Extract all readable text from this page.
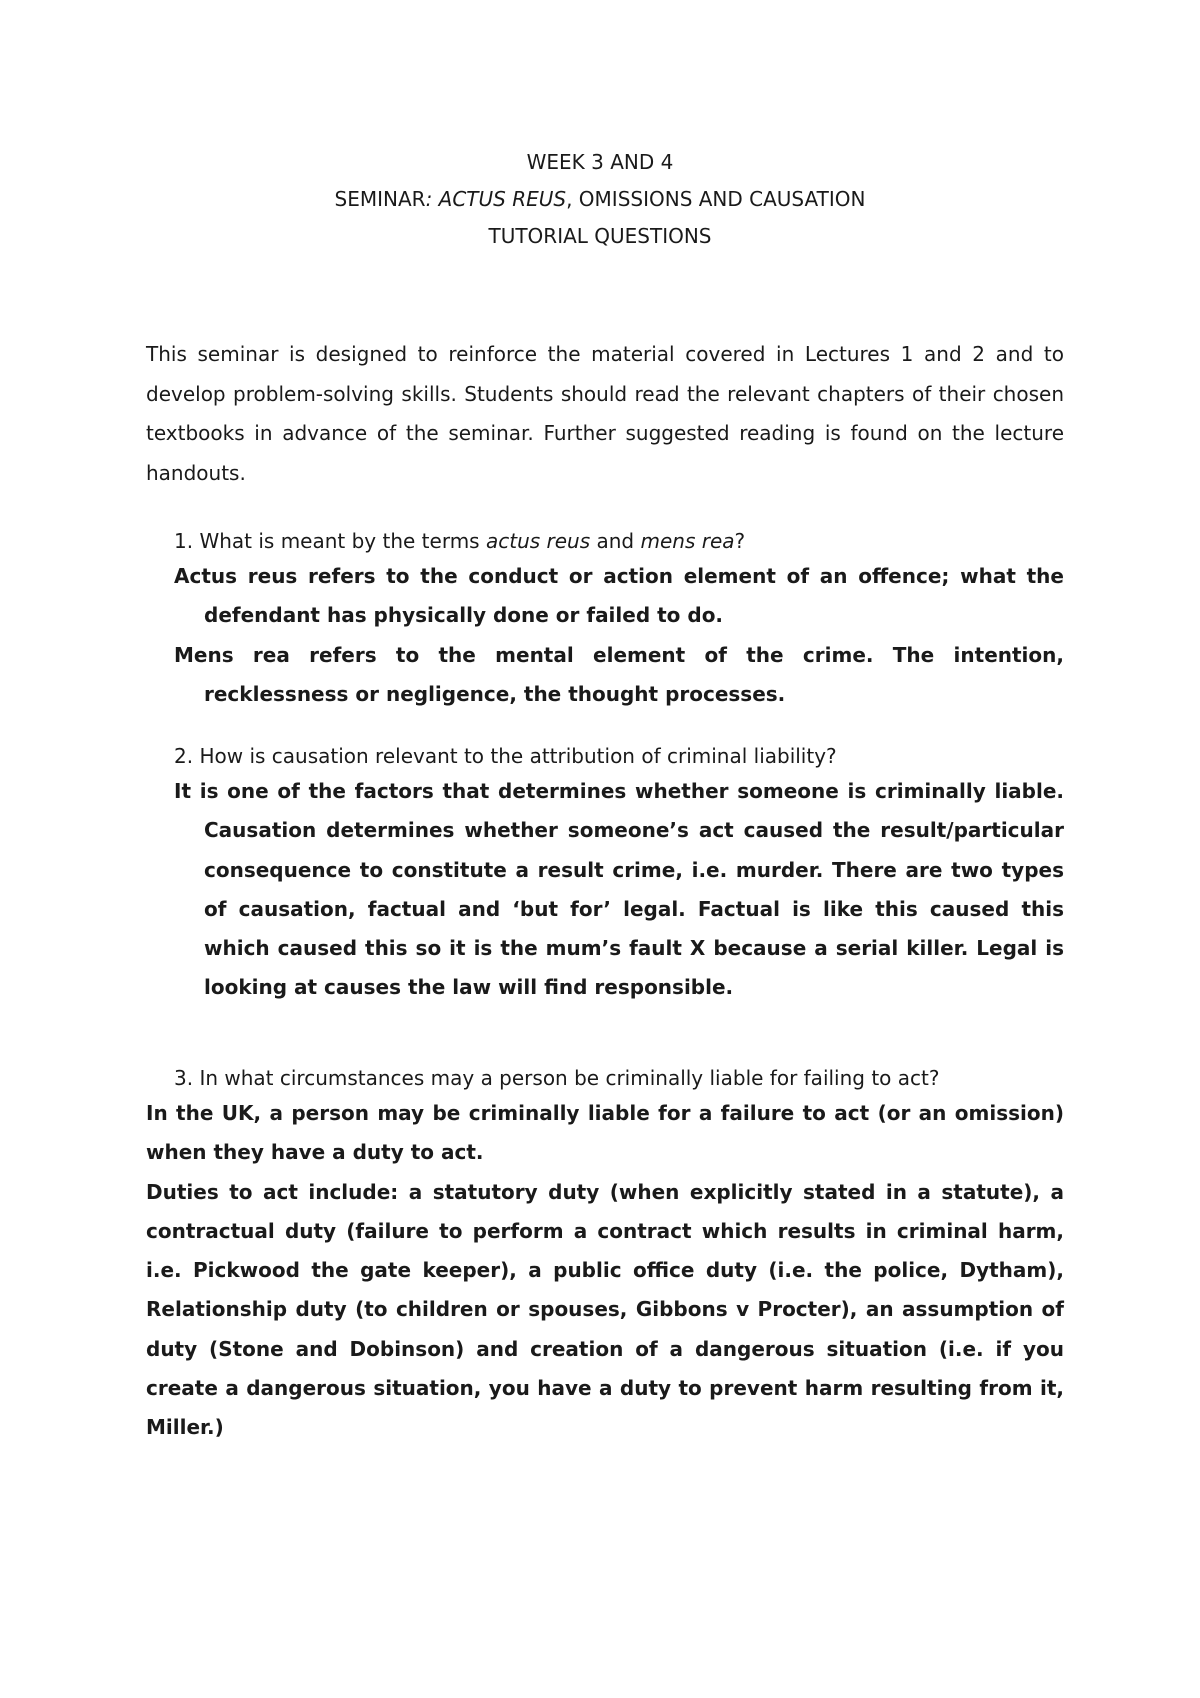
WEEK 3 AND 4
SEMINAR: ACTUS REUS, OMISSIONS AND CAUSATION
TUTORIAL QUESTIONS
This seminar is designed to reinforce the material covered in Lectures 1 and 2 and to develop problem-solving skills. Students should read the relevant chapters of their chosen textbooks in advance of the seminar. Further suggested reading is found on the lecture handouts.
1. What is meant by the terms actus reus and mens rea?

Actus reus refers to the conduct or action element of an offence; what the defendant has physically done or failed to do.

Mens rea refers to the mental element of the crime. The intention, recklessness or negligence, the thought processes.

2. How is causation relevant to the attribution of criminal liability?
It is one of the factors that determines whether someone is criminally liable. Causation determines whether someone’s act caused the result/particular consequence to constitute a result crime, i.e. murder. There are two types of causation, factual and ‘but for’ legal. Factual is like this caused this which caused this so it is the mum’s fault X because a serial killer. Legal is looking at causes the law will find responsible.
3. In what circumstances may a person be criminally liable for failing to act?

In the UK, a person may be criminally liable for a failure to act (or an omission) when they have a duty to act.

Duties to act include: a statutory duty (when explicitly stated in a statute), a contractual duty (failure to perform a contract which results in criminal harm, i.e. Pickwood the gate keeper), a public office duty (i.e. the police, Dytham), Relationship duty (to children or spouses, Gibbons v Procter), an assumption of duty (Stone and Dobinson) and creation of a dangerous situation (i.e. if you create a dangerous situation, you have a duty to prevent harm resulting from it, Miller.)
